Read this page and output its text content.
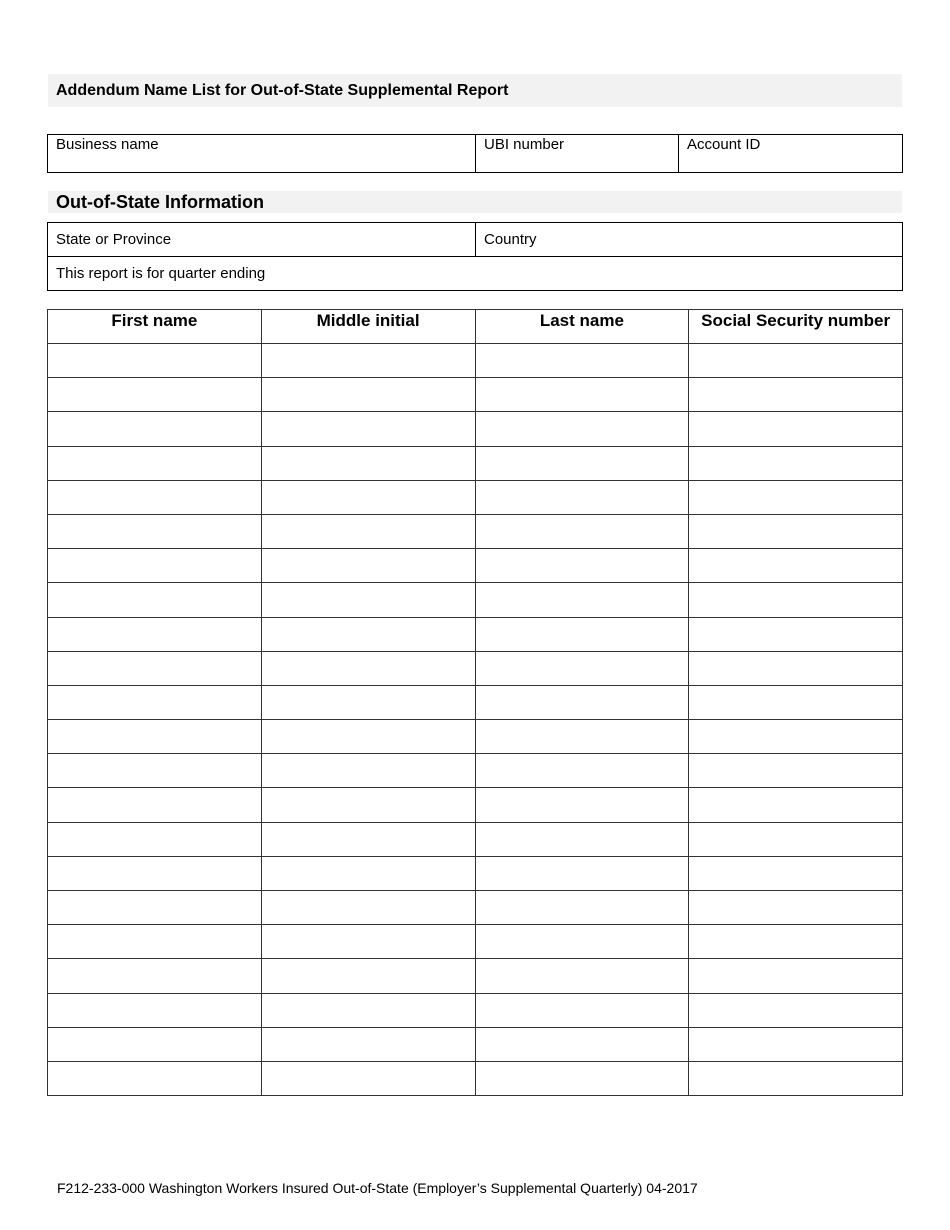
Addendum Name List for Out-of-State Supplemental Report
Business name	UBI number	Account ID
Out-of-State Information
State or Province	Country
This report is for quarter ending
First name	Middle initial	Last name	Social Security number

F212-233-000 Washington Workers Insured Out-of-State (Employer’s Supplemental Quarterly) 04-2017
